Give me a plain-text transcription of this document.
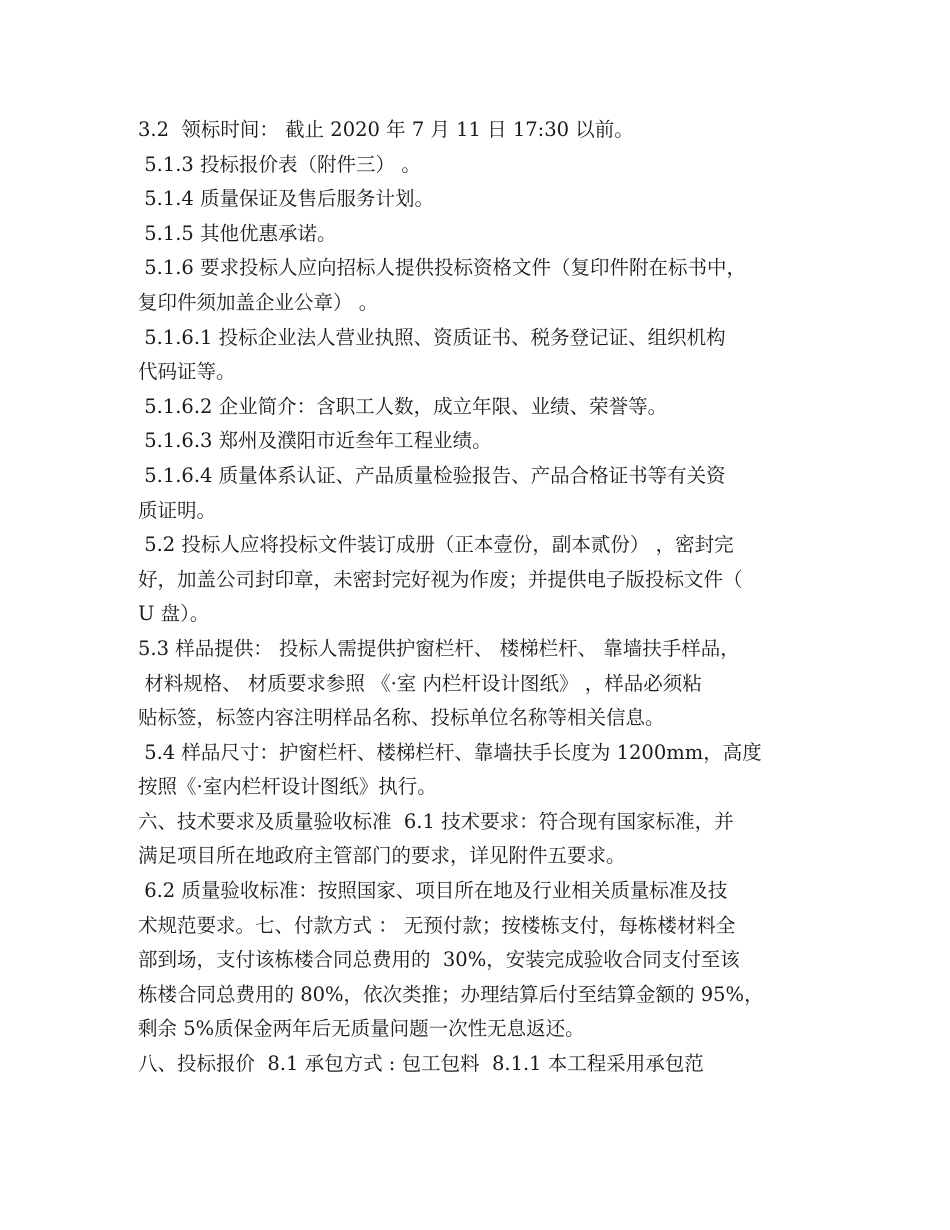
3.2  领标时间： 截止 2020 年 7 月 11 日 17:30 以前。
5.1.3 投标报价表（附件三） 。
5.1.4 质量保证及售后服务计划。
5.1.5 其他优惠承诺。
5.1.6 要求投标人应向招标人提供投标资格文件（复印件附在标书中，
复印件须加盖企业公章） 。
5.1.6.1 投标企业法人营业执照、资质证书、税务登记证、组织机构
代码证等。
5.1.6.2 企业简介：含职工人数，成立年限、业绩、荣誉等。
5.1.6.3 郑州及濮阳市近叁年工程业绩。
5.1.6.4 质量体系认证、产品质量检验报告、产品合格证书等有关资
质证明。
5.2 投标人应将投标文件装订成册（正本壹份，副本贰份） ，密封完
好，加盖公司封印章，未密封完好视为作废；并提供电子版投标文件（
U 盘）。
5.3 样品提供： 投标人需提供护窗栏杆、 楼梯栏杆、 靠墙扶手样品，
材料规格、 材质要求参照 《·室 内栏杆设计图纸》 ，样品必须粘
贴标签，标签内容注明样品名称、投标单位名称等相关信息。
5.4 样品尺寸：护窗栏杆、楼梯栏杆、靠墙扶手长度为 1200mm，高度
按照《·室内栏杆设计图纸》执行。
六、技术要求及质量验收标准  6.1 技术要求：符合现有国家标准，并
满足项目所在地政府主管部门的要求，详见附件五要求。
6.2 质量验收标准：按照国家、项目所在地及行业相关质量标准及技
术规范要求。七、付款方式 ： 无预付款；按楼栋支付，每栋楼材料全
部到场，支付该栋楼合同总费用的  30%，安装完成验收合同支付至该
栋楼合同总费用的 80%，依次类推；办理结算后付至结算金额的 95%，
剩余 5%质保金两年后无质量问题一次性无息返还。
八、投标报价  8.1 承包方式 : 包工包料  8.1.1 本工程采用承包范
